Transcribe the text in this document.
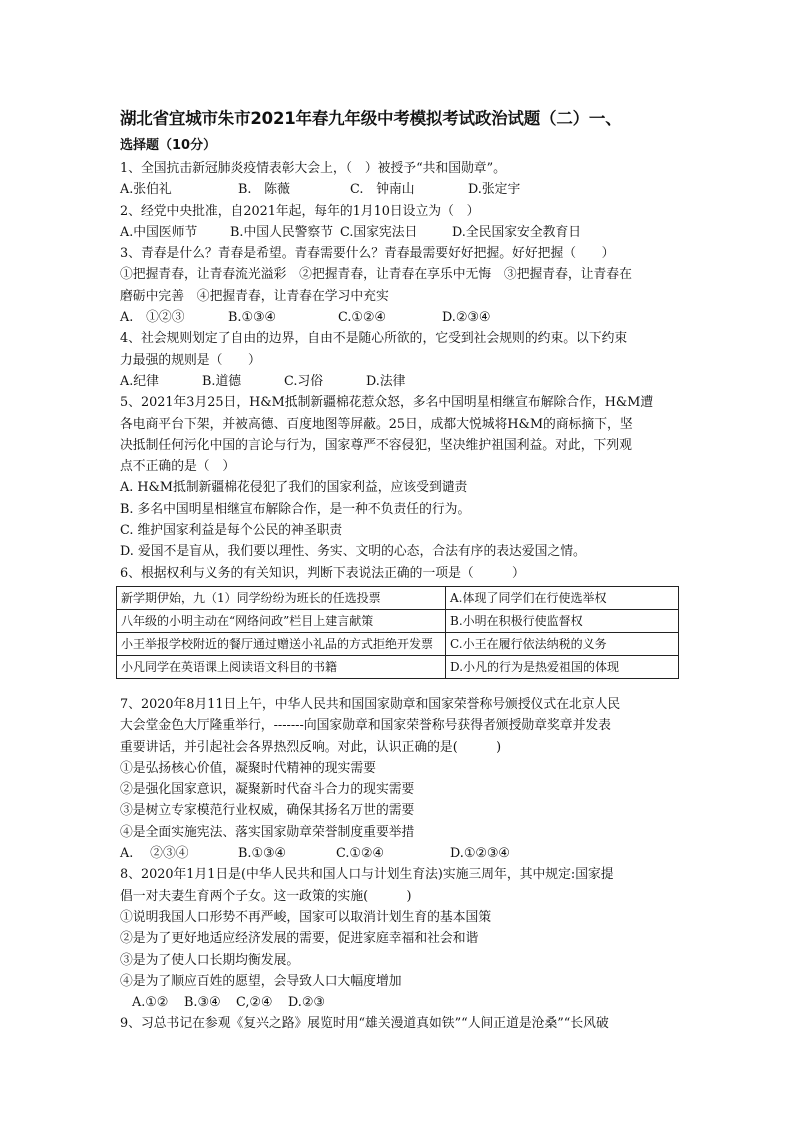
湖北省宜城市朱市2021年春九年级中考模拟考试政治试题（二）一、
选择题（10分）
1、全国抗击新冠肺炎疫情表彰大会上，（　）被授予“共和国勋章”。
A.张伯礼	B.　陈薇	C.　钟南山	D.张定宇
2、经党中央批准，自2021年起，每年的1月10日设立为（　）
A.中国医师节	B.中国人民警察节 C.国家宪法日	D.全民国家安全教育日
3、青春是什么？青春是希望。青春需要什么？青春最需要好好把握。好好把握（　　）
①把握青春，让青春流光溢彩　②把握青春，让青春在享乐中无悔　③把握青春，让青春在
磨砺中完善　④把握青春，让青春在学习中充实
A.　①②③	B.①③④	C.①②④	D.②③④
4、社会规则划定了自由的边界，自由不是随心所欲的，它受到社会规则的约束。以下约束
力最强的规则是（　　）
A.纪律	B.道德	C.习俗	D.法律
5、2021年3月25日，H&M抵制新疆棉花惹众怒，多名中国明星相继宣布解除合作，H&M遭
各电商平台下架，并被高德、百度地图等屏蔽。25日，成都大悦城将H&M的商标摘下，坚
决抵制任何污化中国的言论与行为，国家尊严不容侵犯，坚决维护祖国利益。对此，下列观
点不正确的是（　）
A. H&M抵制新疆棉花侵犯了我们的国家利益，应该受到谴责
B. 多名中国明星相继宣布解除合作，是一种不负责任的行为。
C. 维护国家利益是每个公民的神圣职责
D. 爱国不是盲从，我们要以理性、务实、文明的心态，合法有序的表达爱国之情。
6、根据权利与义务的有关知识，判断下表说法正确的一项是（　　　）
新学期伊始，九（1）同学纷纷为班长的任选投票	A.体现了同学们在行使选举权
八年级的小明主动在“网络问政”栏目上建言献策	B.小明在积极行使监督权
小王举报学校附近的餐厅通过赠送小礼品的方式拒绝开发票	C.小王在履行依法纳税的义务
小凡同学在英语课上阅读语文科目的书籍	D.小凡的行为是热爱祖国的体现
7、2020年8月11日上午，中华人民共和国国家勋章和国家荣誉称号颁授仪式在北京人民
大会堂金色大厅隆重举行，-------向国家勋章和国家荣誉称号获得者颁授勋章奖章并发表
重要讲话，并引起社会各界热烈反响。对此，认识正确的是(　　　)
①是弘扬核心价值，凝聚时代精神的现实需要
②是强化国家意识，凝聚新时代奋斗合力的现实需要
③是树立专家模范行业权威，确保其扬名万世的需要
④是全面实施宪法、落实国家勋章荣誉制度重要举措
A. 　②③④	B.①③④	C.①②④	D.①②③④
8、2020年1月1日是(中华人民共和国人口与计划生育法)实施三周年，其中规定:国家提
倡一对夫妻生育两个子女。这一政策的实施(　　　)
①说明我国人口形势不再严峻，国家可以取消计划生育的基本国策
②是为了更好地适应经济发展的需要，促进家庭幸福和社会和谐
③是为了使人口长期均衡发展。
④是为了顺应百姓的愿望，会导致人口大幅度增加
A.①② B.③④ C,②④ D.②③
9、习总书记在参观《复兴之路》展览时用“雄关漫道真如铁”“人间正道是沧桑”“长风破
